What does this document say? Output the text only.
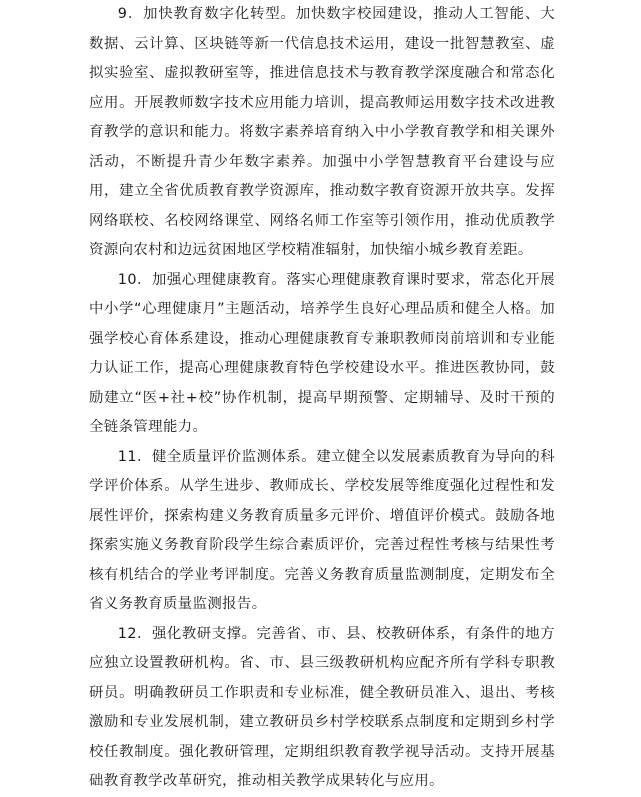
9．加快教育数字化转型。加快数字校园建设，推动人工智能、大数据、云计算、区块链等新一代信息技术运用，建设一批智慧教室、虚拟实验室、虚拟教研室等，推进信息技术与教育教学深度融合和常态化应用。开展教师数字技术应用能力培训，提高教师运用数字技术改进教育教学的意识和能力。将数字素养培育纳入中小学教育教学和相关课外活动，不断提升青少年数字素养。加强中小学智慧教育平台建设与应用，建立全省优质教育教学资源库，推动数字教育资源开放共享。发挥网络联校、名校网络课堂、网络名师工作室等引领作用，推动优质教学资源向农村和边远贫困地区学校精准辐射，加快缩小城乡教育差距。

10．加强心理健康教育。落实心理健康教育课时要求，常态化开展中小学“心理健康月”主题活动，培养学生良好心理品质和健全人格。加强学校心育体系建设，推动心理健康教育专兼职教师岗前培训和专业能力认证工作，提高心理健康教育特色学校建设水平。推进医教协同，鼓励建立“医+社+校”协作机制，提高早期预警、定期辅导、及时干预的全链条管理能力。

11．健全质量评价监测体系。建立健全以发展素质教育为导向的科学评价体系。从学生进步、教师成长、学校发展等维度强化过程性和发展性评价，探索构建义务教育质量多元评价、增值评价模式。鼓励各地探索实施义务教育阶段学生综合素质评价，完善过程性考核与结果性考核有机结合的学业考评制度。完善义务教育质量监测制度，定期发布全省义务教育质量监测报告。

12．强化教研支撑。完善省、市、县、校教研体系，有条件的地方应独立设置教研机构。省、市、县三级教研机构应配齐所有学科专职教研员。明确教研员工作职责和专业标准，健全教研员准入、退出、考核激励和专业发展机制，建立教研员乡村学校联系点制度和定期到乡村学校任教制度。强化教研管理，定期组织教育教学视导活动。支持开展基础教育教学改革研究，推动相关教学成果转化与应用。
